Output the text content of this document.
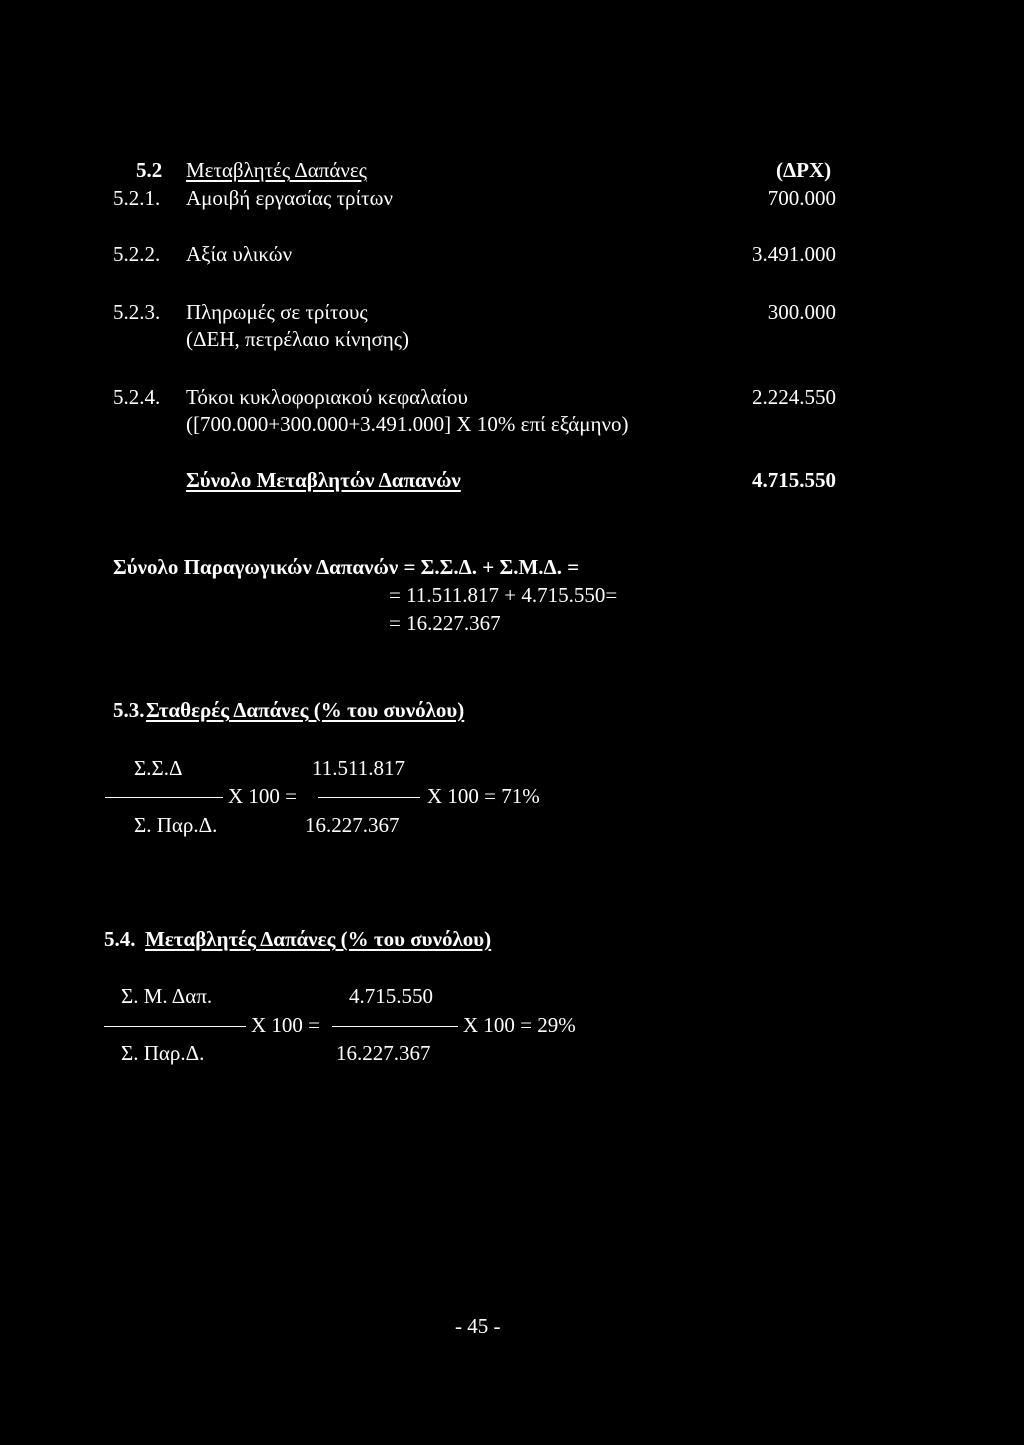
5.2 Μεταβλητές Δαπάνες	(ΔΡΧ)
5.2.1. Αμοιβή εργασίας τρίτων	700.000
5.2.2. Αξία υλικών	3.491.000
5.2.3. Πληρωμές σε τρίτους	300.000
(ΔΕΗ, πετρέλαιο κίνησης)
5.2.4. Τόκοι κυκλοφοριακού κεφαλαίου	2.224.550
([700.000+300.000+3.491.000] Χ 10% επί εξάμηνο)
Σύνολο Μεταβλητών Δαπανών	4.715.550
Σύνολο Παραγωγικών Δαπανών = Σ.Σ.Δ. + Σ.Μ.Δ. =
= 11.511.817 + 4.715.550=
= 16.227.367
5.3. Σταθερές Δαπάνες (% του συνόλου)
Σ.Σ.Δ	11.511.817
Χ 100 =	Χ 100 = 71%
Σ. Παρ.Δ.	16.227.367
5.4. Μεταβλητές Δαπάνες (% του συνόλου)
Σ. Μ. Δαπ.	4.715.550
Χ 100 =	Χ 100 = 29%
Σ. Παρ.Δ.	16.227.367
- 45 -
